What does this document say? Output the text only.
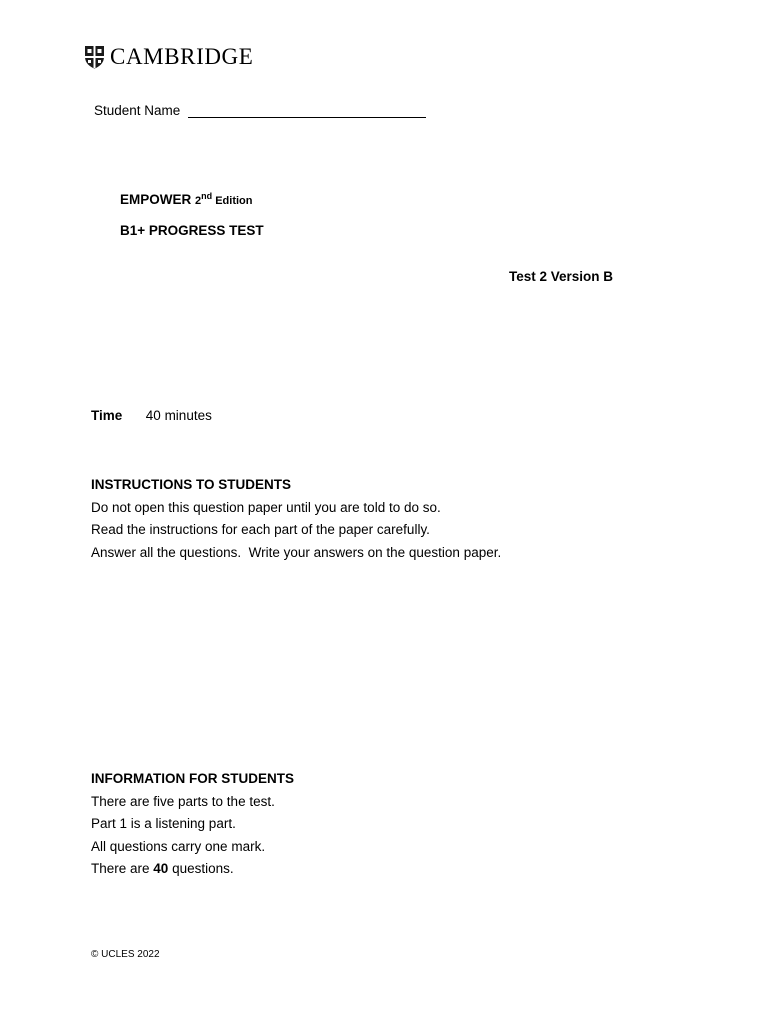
CAMBRIDGE
Student Name
EMPOWER 2nd Edition
B1+ PROGRESS TEST
Test 2 Version B
Time 40 minutes
INSTRUCTIONS TO STUDENTS
Do not open this question paper until you are told to do so.
Read the instructions for each part of the paper carefully.
Answer all the questions.  Write your answers on the question paper.
INFORMATION FOR STUDENTS
There are five parts to the test.
Part 1 is a listening part.
All questions carry one mark.
There are 40 questions.
© UCLES 2022
